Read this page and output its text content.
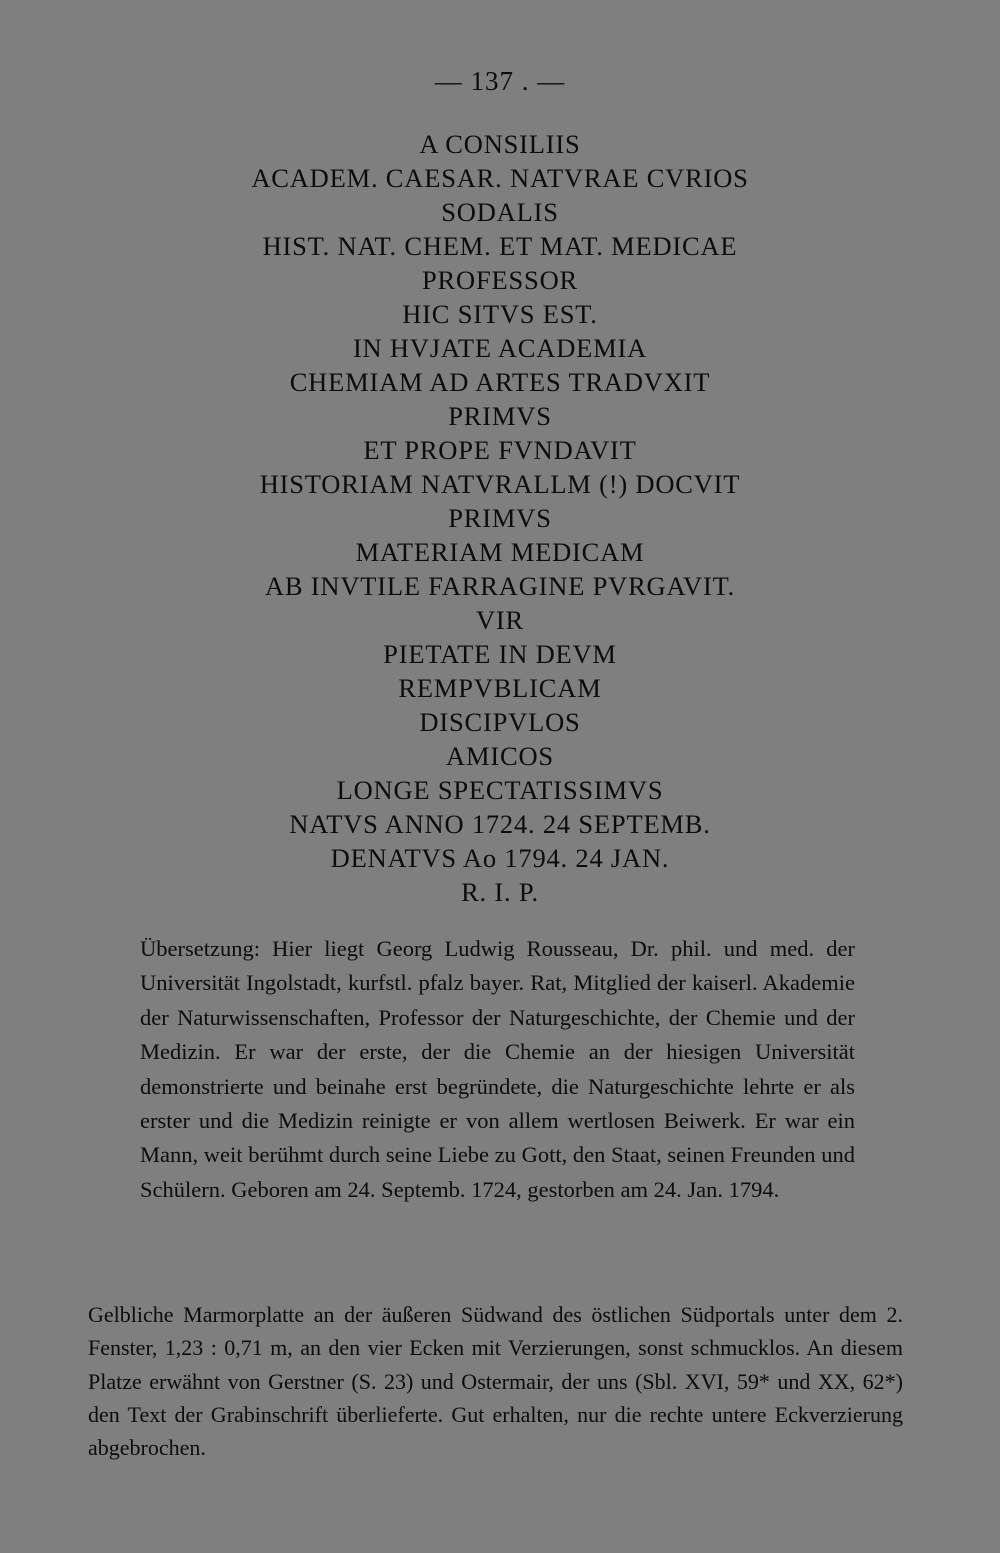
— 137 . —
A CONSILIIS
ACADEM. CAESAR. NATVRAE CVRIOS
SODALIS
HIST. NAT. CHEM. ET MAT. MEDICAE
PROFESSOR
HIC SITVS EST.
IN HVJATE ACADEMIA
CHEMIAM AD ARTES TRADVXIT
PRIMVS
ET PROPE FVNDAVIT
HISTORIAM NATVRALLM (!) DOCVIT
PRIMVS
MATERIAM MEDICAM
AB INVTILE FARRAGINE PVRGAVIT.
VIR
PIETATE IN DEVM
REMPVBLICAM
DISCIPVLOS
AMICOS
LONGE SPECTATISSIMVS
NATVS ANNO 1724. 24 SEPTEMB.
DENATVS Ao 1794. 24 JAN.
R. I. P.

Übersetzung: Hier liegt Georg Ludwig Rousseau, Dr. phil. und med. der Universität Ingolstadt, kurfstl. pfalz bayer. Rat, Mitglied der kaiserl. Akademie der Naturwissenschaften, Professor der Naturgeschichte, der Chemie und der Medizin. Er war der erste, der die Chemie an der hiesigen Universität demonstrierte und beinahe erst begründete, die Naturgeschichte lehrte er als erster und die Medizin reinigte er von allem wertlosen Beiwerk. Er war ein Mann, weit berühmt durch seine Liebe zu Gott, den Staat, seinen Freunden und Schülern. Geboren am 24. Septemb. 1724, gestorben am 24. Jan. 1794.

Gelbliche Marmorplatte an der äußeren Südwand des östlichen Südportals unter dem 2. Fenster, 1,23 : 0,71 m, an den vier Ecken mit Verzierungen, sonst schmucklos. An diesem Platze erwähnt von Gerstner (S. 23) und Ostermair, der uns (Sbl. XVI, 59* und XX, 62*) den Text der Grabinschrift überlieferte. Gut erhalten, nur die rechte untere Eckverzierung abgebrochen.
